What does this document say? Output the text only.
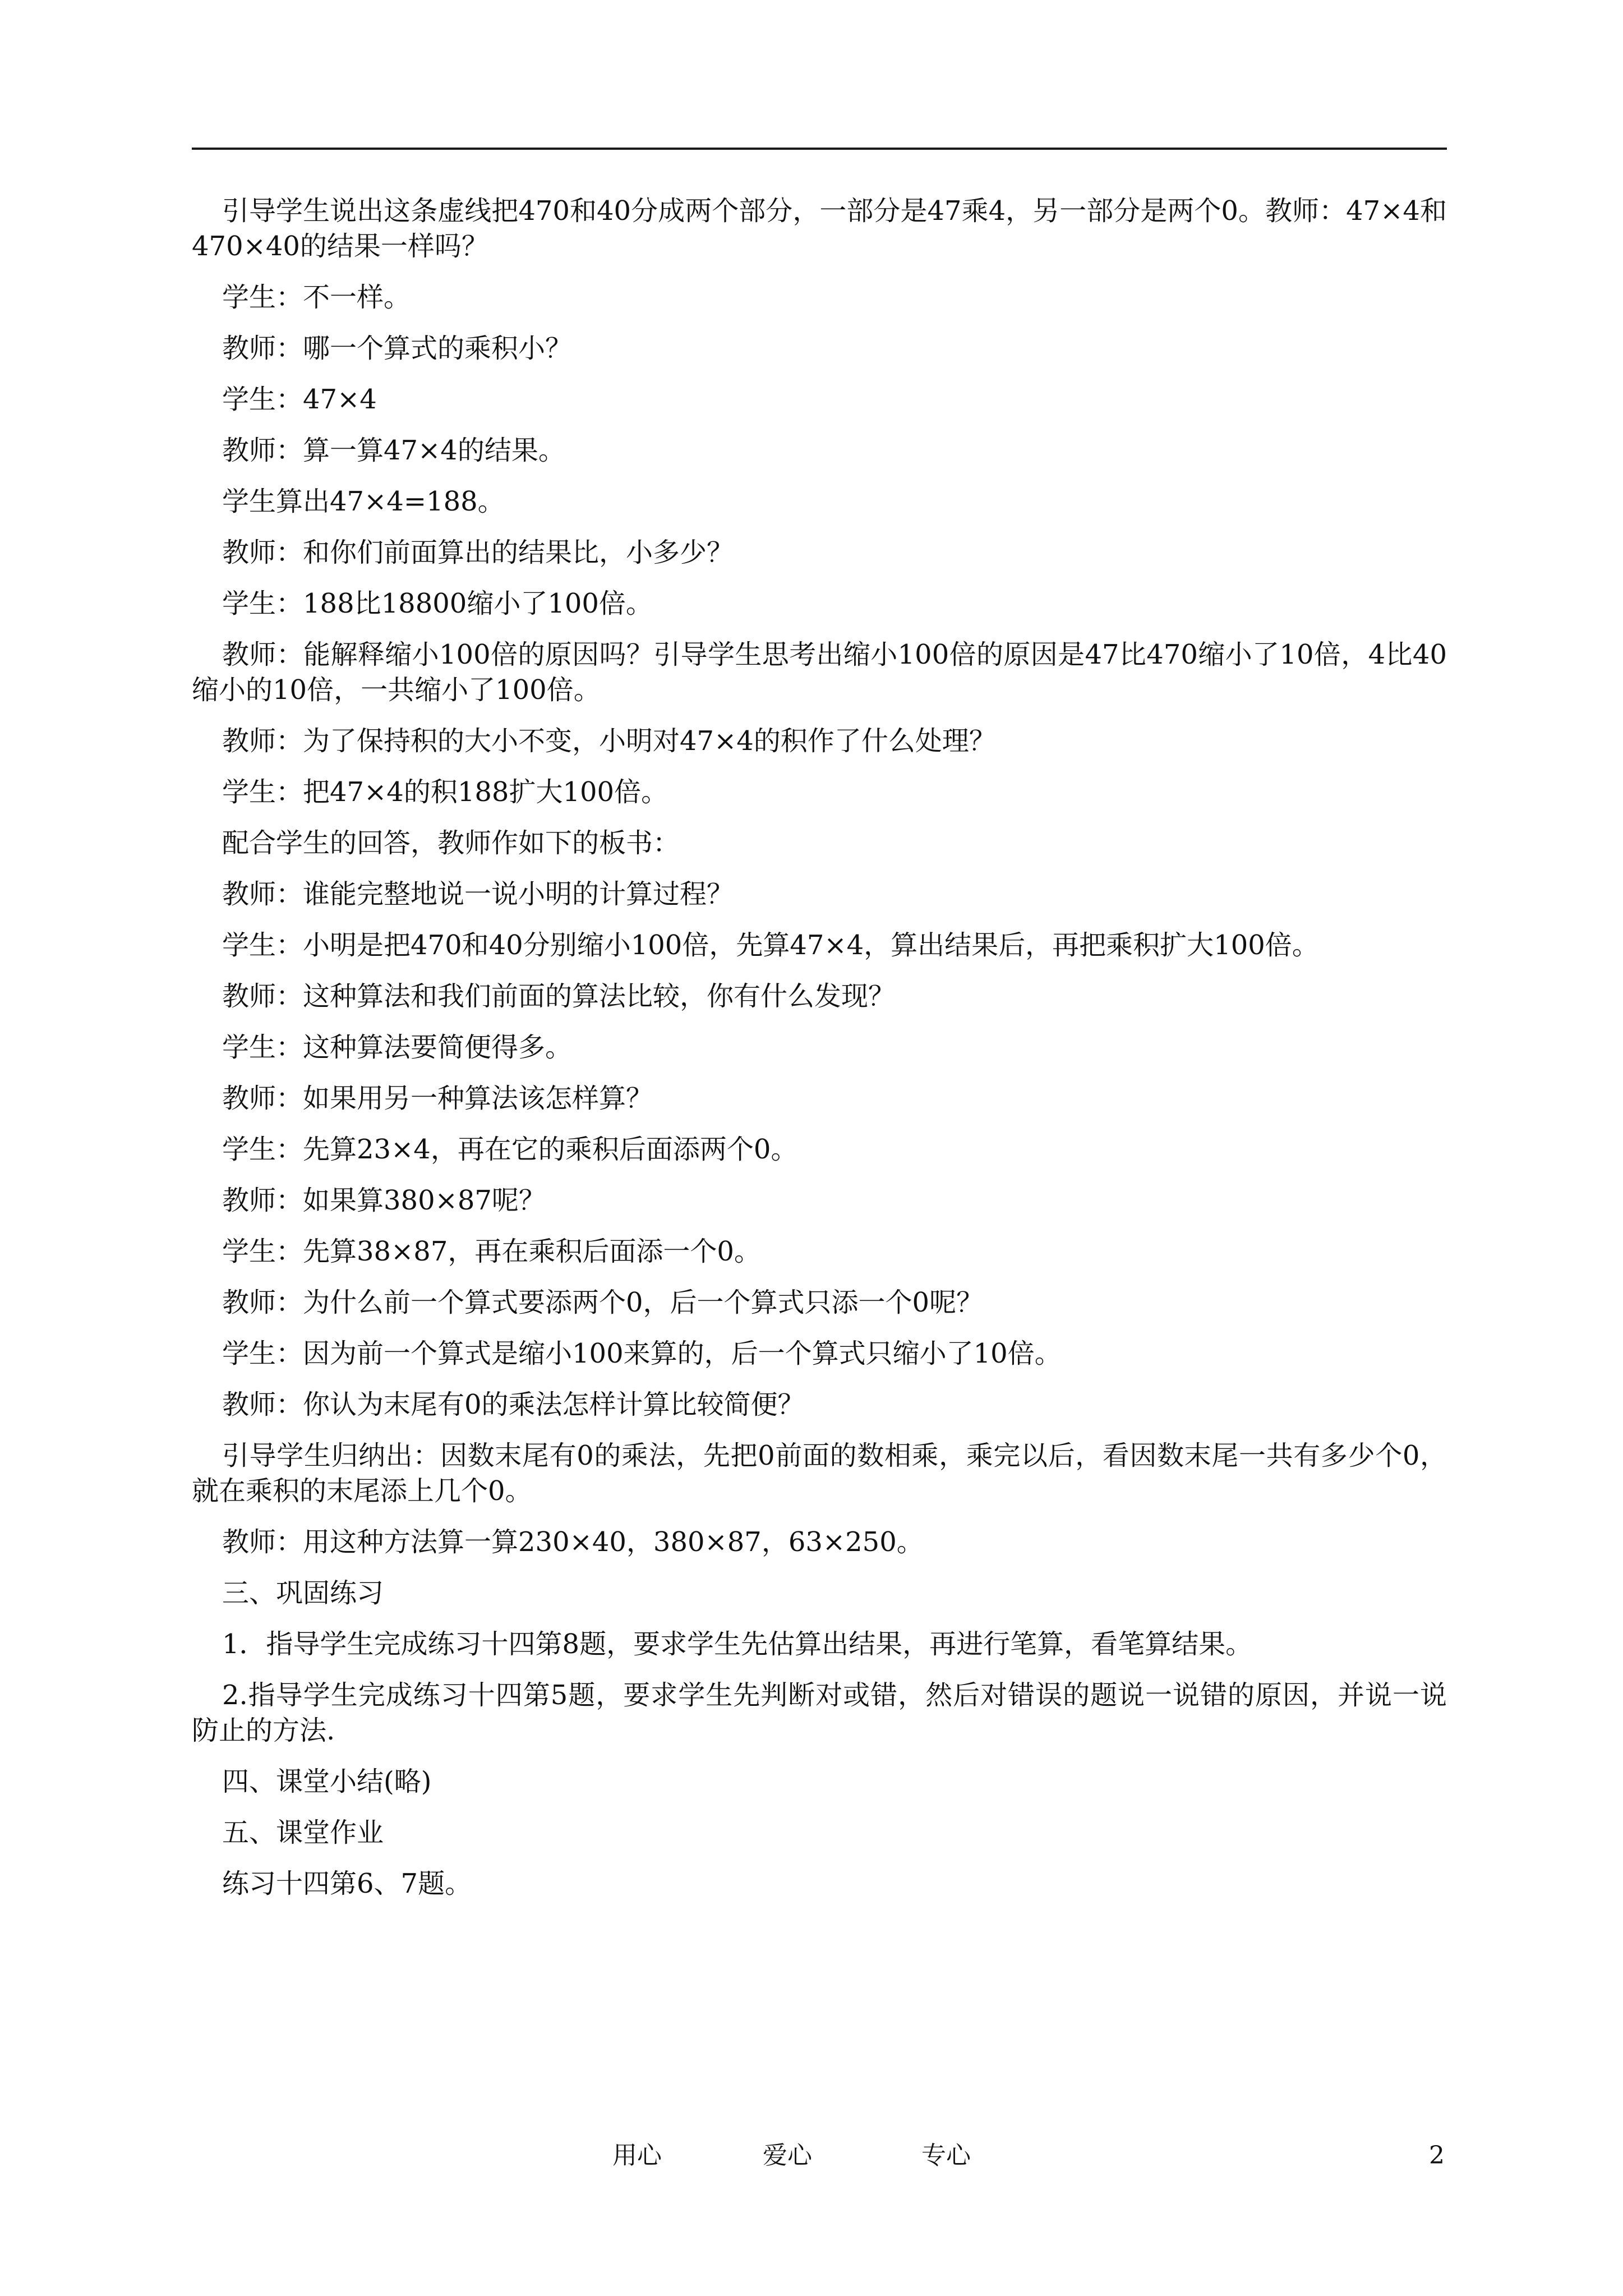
引导学生说出这条虚线把470和40分成两个部分，一部分是47乘4，另一部分是两个0。教师：47×4和470×40的结果一样吗？

学生：不一样。

教师：哪一个算式的乘积小？

学生：47×4

教师：算一算47×4的结果。

学生算出47×4=188。

教师：和你们前面算出的结果比，小多少？

学生：188比18800缩小了100倍。

教师：能解释缩小100倍的原因吗？引导学生思考出缩小100倍的原因是47比470缩小了10倍，4比40缩小的10倍，一共缩小了100倍。

教师：为了保持积的大小不变，小明对47×4的积作了什么处理？

学生：把47×4的积188扩大100倍。

配合学生的回答，教师作如下的板书：

教师：谁能完整地说一说小明的计算过程？

学生：小明是把470和40分别缩小100倍，先算47×4，算出结果后，再把乘积扩大100倍。

教师：这种算法和我们前面的算法比较，你有什么发现？

学生：这种算法要简便得多。

教师：如果用另一种算法该怎样算？

学生：先算23×4，再在它的乘积后面添两个0。

教师：如果算380×87呢？

学生：先算38×87，再在乘积后面添一个0。

教师：为什么前一个算式要添两个0，后一个算式只添一个0呢？

学生：因为前一个算式是缩小100来算的，后一个算式只缩小了10倍。

教师：你认为末尾有0的乘法怎样计算比较简便？

引导学生归纳出：因数末尾有0的乘法，先把0前面的数相乘，乘完以后，看因数末尾一共有多少个0，就在乘积的末尾添上几个0。

教师：用这种方法算一算230×40，380×87，63×250。

三、巩固练习

1．指导学生完成练习十四第8题，要求学生先估算出结果，再进行笔算，看笔算结果。

2.指导学生完成练习十四第5题，要求学生先判断对或错，然后对错误的题说一说错的原因，并说一说防止的方法.

四、课堂小结(略)

五、课堂作业

练习十四第6、7题。

用心	爱心	专心	2
